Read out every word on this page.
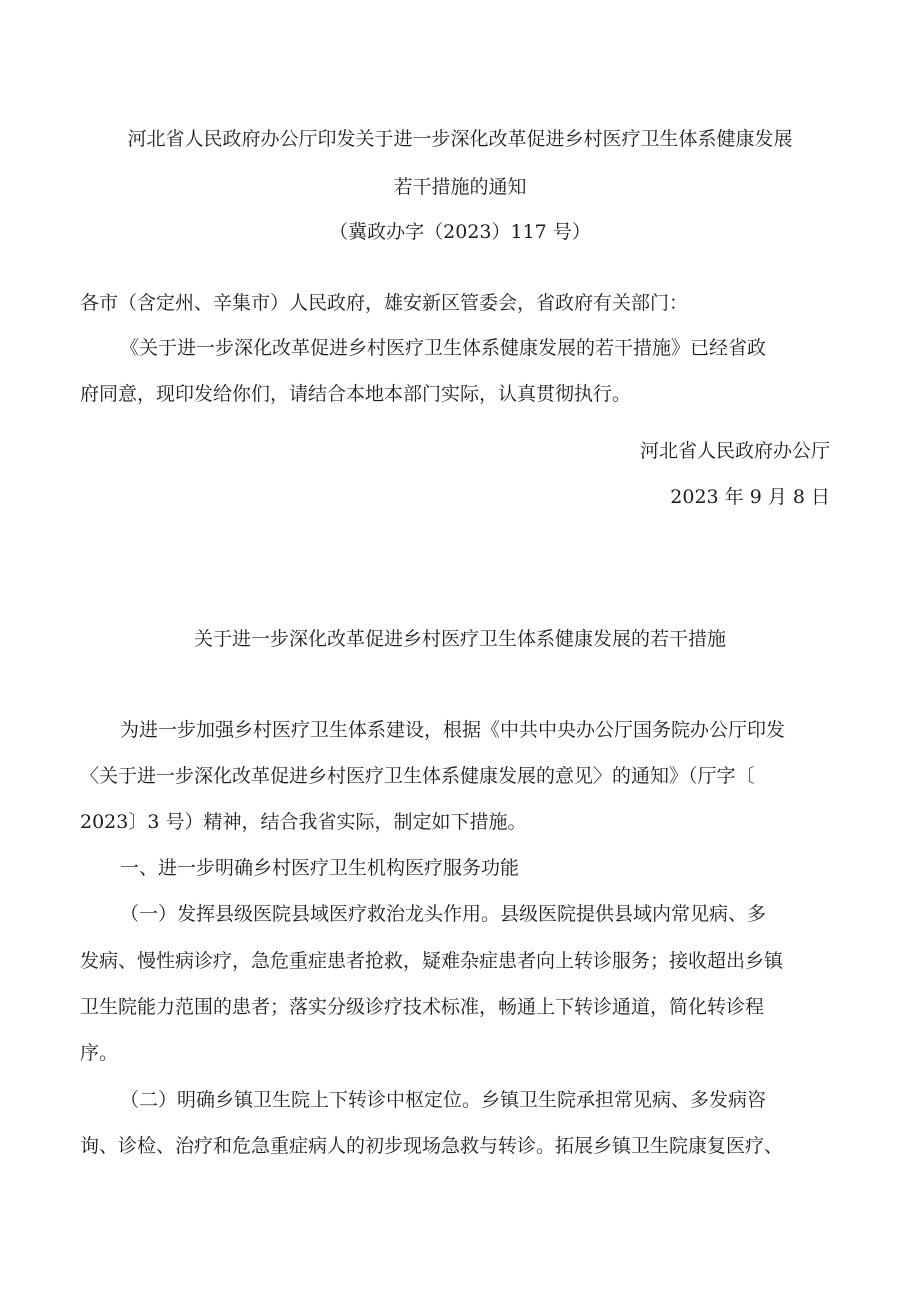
河北省人民政府办公厅印发关于进一步深化改革促进乡村医疗卫生体系健康发展

若干措施的通知

（冀政办字（2023）117 号）

各市（含定州、辛集市）人民政府，雄安新区管委会，省政府有关部门：

《关于进一步深化改革促进乡村医疗卫生体系健康发展的若干措施》已经省政

府同意，现印发给你们，请结合本地本部门实际，认真贯彻执行。

河北省人民政府办公厅

2023 年 9 月 8 日

关于进一步深化改革促进乡村医疗卫生体系健康发展的若干措施

为进一步加强乡村医疗卫生体系建设，根据《中共中央办公厅国务院办公厅印发

〈关于进一步深化改革促进乡村医疗卫生体系健康发展的意见〉的通知》（厅字〔

2023〕3 号）精神，结合我省实际，制定如下措施。

一、进一步明确乡村医疗卫生机构医疗服务功能

（一）发挥县级医院县域医疗救治龙头作用。县级医院提供县域内常见病、多

发病、慢性病诊疗，急危重症患者抢救，疑难杂症患者向上转诊服务；接收超出乡镇

卫生院能力范围的患者；落实分级诊疗技术标准，畅通上下转诊通道，简化转诊程

序。

（二）明确乡镇卫生院上下转诊中枢定位。乡镇卫生院承担常见病、多发病咨

询、诊检、治疗和危急重症病人的初步现场急救与转诊。拓展乡镇卫生院康复医疗、
